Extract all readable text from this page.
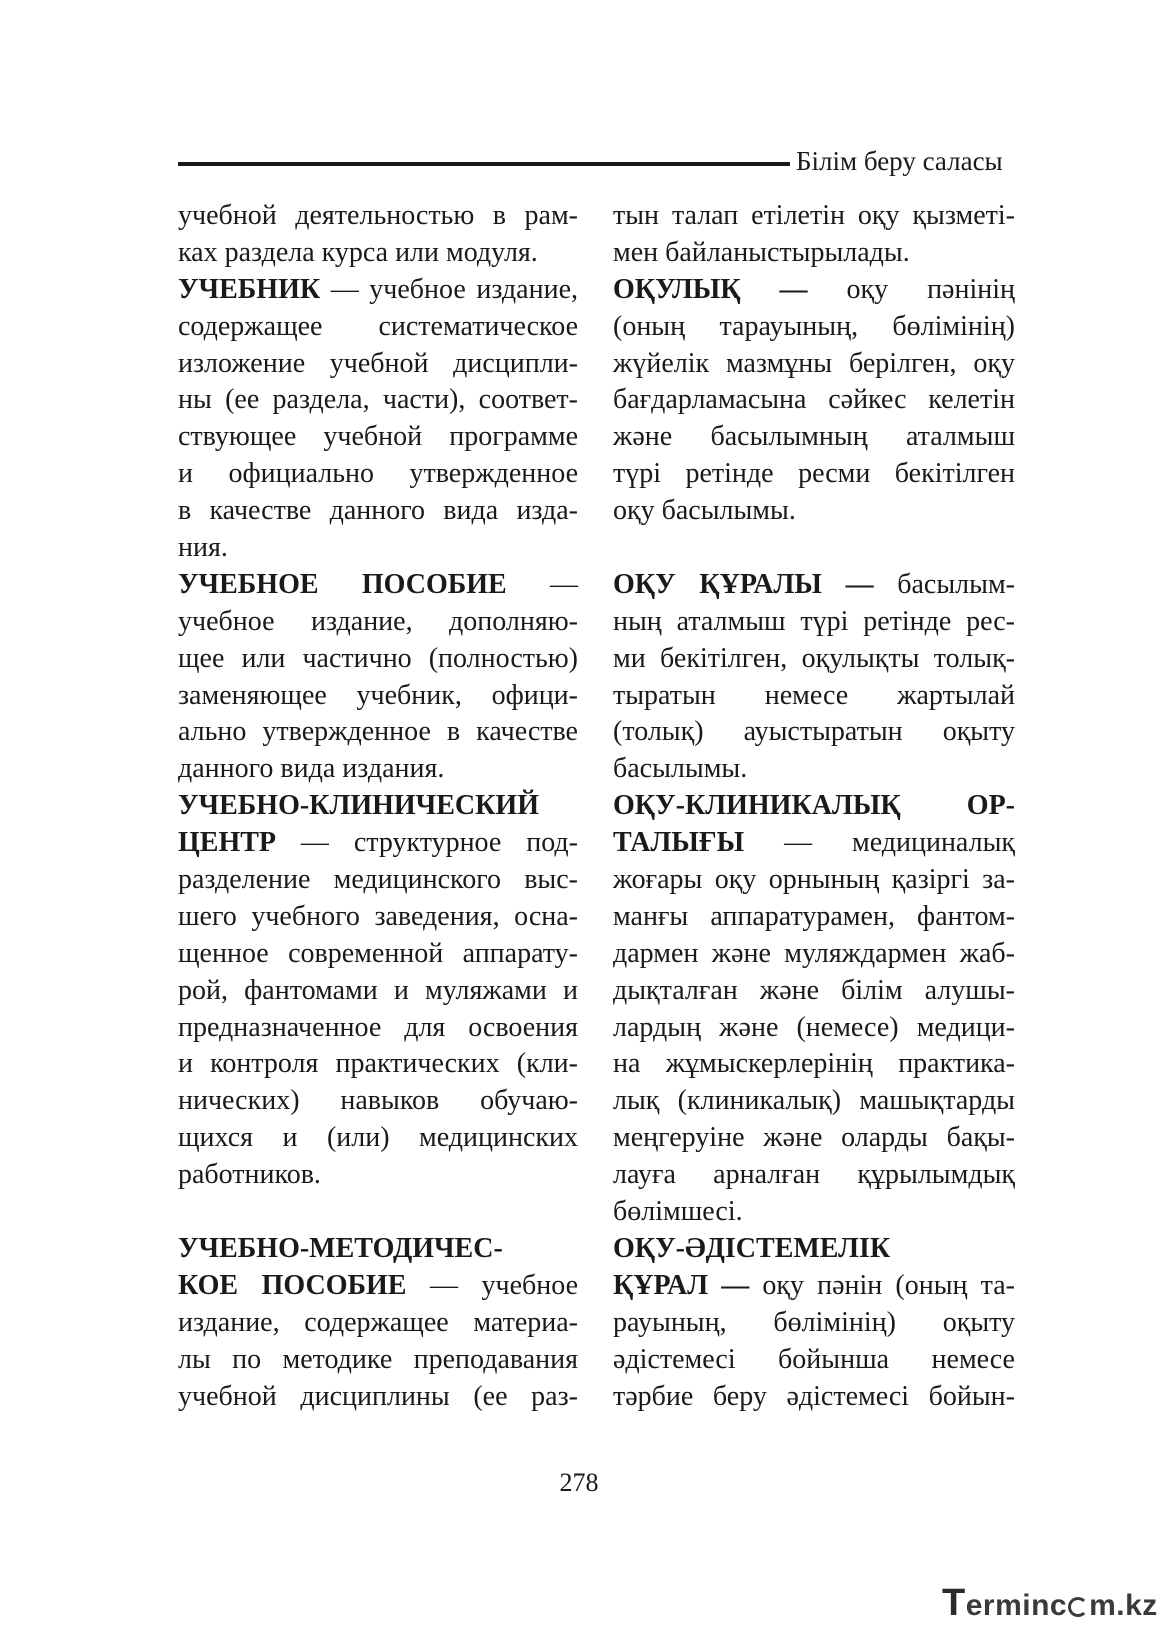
Білім беру саласы
учебной деятельностью в рам-
ках раздела курса или модуля.
УЧЕБНИК — учебное издание,
содержащее систематическое
изложение учебной дисципли-
ны (ее раздела, части), соответ-
ствующее учебной программе
и официально утвержденное
в качестве данного вида изда-
ния.
УЧЕБНОЕ ПОСОБИЕ —
учебное издание, дополняю-
щее или частично (полностью)
заменяющее учебник, офици-
ально утвержденное в качестве
данного вида издания.
УЧЕБНО-КЛИНИЧЕСКИЙ
ЦЕНТР — структурное под-
разделение медицинского выс-
шего учебного заведения, осна-
щенное современной аппарату-
рой, фантомами и муляжами и
предназначенное для освоения
и контроля практических (кли-
нических) навыков обучаю-
щихся и (или) медицинских
работников.
УЧЕБНО-МЕТОДИЧЕС-
КОЕ ПОСОБИЕ — учебное
издание, содержащее материа-
лы по методике преподавания
учебной дисциплины (ее раз-
тын талап етілетін оқу қызметі-
мен байланыстырылады.
ОҚУЛЫҚ — оқу пәнінің
(оның тарауының, бөлімінің)
жүйелік мазмұны берілген, оқу
бағдарламасына сәйкес келетін
және басылымның аталмыш
түрі ретінде ресми бекітілген
оқу басылымы.
ОҚУ ҚҰРАЛЫ — басылым-
ның аталмыш түрі ретінде рес-
ми бекітілген, оқулықты толық-
тыратын немесе жартылай
(толық) ауыстыратын оқыту
басылымы.
ОҚУ-КЛИНИКАЛЫҚ ОР-
ТАЛЫҒЫ — медициналық
жоғары оқу орнының қазіргі за-
манғы аппаратурамен, фантом-
дармен және муляждармен жаб-
дықталған және білім алушы-
лардың және (немесе) медици-
на жұмыскерлерінің практика-
лық (клиникалық) машықтарды
меңгеруіне және оларды бақы-
лауға арналған құрылымдық
бөлімшесі.
ОҚУ-ӘДІСТЕМЕЛІК
ҚҰРАЛ — оқу пәнін (оның та-
рауының, бөлімінің) оқыту
әдістемесі бойынша немесе
тәрбие беру әдістемесі бойын-
278
Terminc m.kz
